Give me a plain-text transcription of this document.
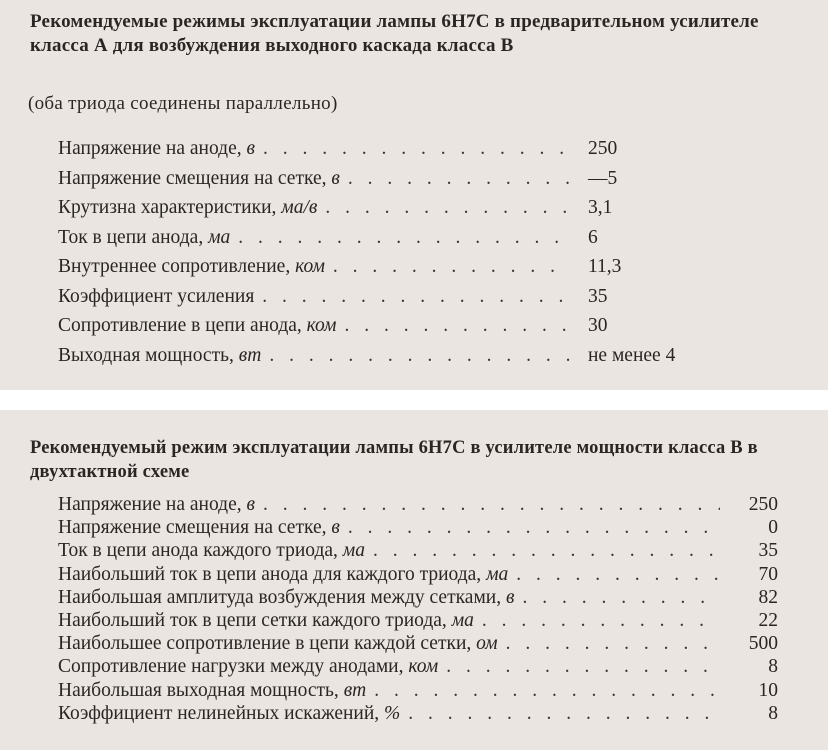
Рекомендуемые режимы эксплуатации лампы 6Н7С в предварительном усилителе класса А для возбуждения выходного каскада класса В

(оба триода соединены параллельно)

Напряжение на аноде, в . . .	250
Напряжение смещения на сетке, в . . .	—5
Крутизна характеристики, ма/в . . .	3,1
Ток в цепи анода, ма . . .	6
Внутреннее сопротивление, ком . . .	11,3
Коэффициент усиления . . .	35
Сопротивление в цепи анода, ком . . .	30
Выходная мощность, вт . . .	не менее 4

Рекомендуемый режим эксплуатации лампы 6Н7С в усилителе мощности класса В в двухтактной схеме

Напряжение на аноде, в . . .	250
Напряжение смещения на сетке, в . . .	0
Ток в цепи анода каждого триода, ма . . .	35
Наибольший ток в цепи анода для каждого триода, ма . . .	70
Наибольшая амплитуда возбуждения между сетками, в . . .	82
Наибольший ток в цепи сетки каждого триода, ма . . .	22
Наибольшее сопротивление в цепи каждой сетки, ом . . .	500
Сопротивление нагрузки между анодами, ком . . .	8
Наибольшая выходная мощность, вт . . .	10
Коэффициент нелинейных искажений, % . . .	8
